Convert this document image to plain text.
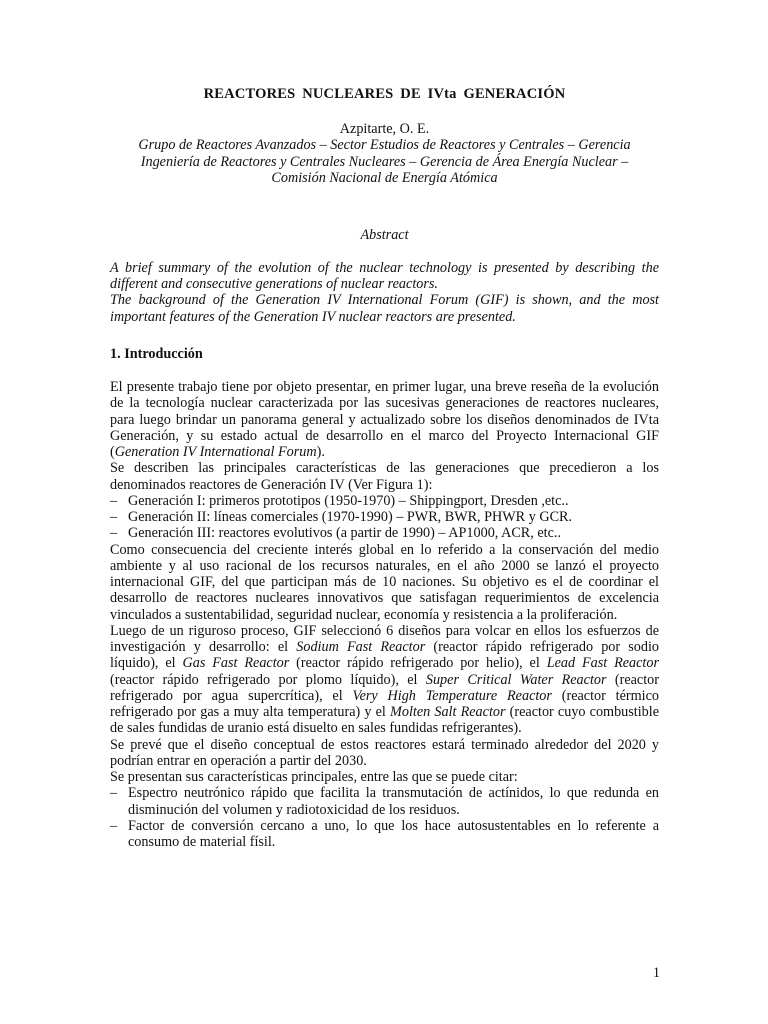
REACTORES NUCLEARES DE IVta GENERACIÓN
Azpitarte, O. E.
Grupo de Reactores Avanzados – Sector Estudios de Reactores y Centrales – Gerencia
Ingeniería de Reactores y Centrales Nucleares – Gerencia de Área Energía Nuclear –
Comisión Nacional de Energía Atómica
Abstract

A brief summary of the evolution of the nuclear technology is presented by describing the different and consecutive generations of nuclear reactors.

The background of the Generation IV International Forum (GIF) is shown, and the most important features of the Generation IV nuclear reactors are presented.

1. Introducción

El presente trabajo tiene por objeto presentar, en primer lugar, una breve reseña de la evolución de la tecnología nuclear caracterizada por las sucesivas generaciones de reactores nucleares, para luego brindar un panorama general y actualizado sobre los diseños denominados de IVta Generación, y su estado actual de desarrollo en el marco del Proyecto Internacional GIF (Generation IV International Forum).

Se describen las principales características de las generaciones que precedieron a los denominados reactores de Generación IV (Ver Figura 1):

– Generación I: primeros prototipos (1950-1970) – Shippingport, Dresden ,etc..
– Generación II: líneas comerciales (1970-1990) – PWR, BWR, PHWR y GCR.
– Generación III: reactores evolutivos (a partir de 1990) – AP1000, ACR, etc..

Como consecuencia del creciente interés global en lo referido a la conservación del medio ambiente y al uso racional de los recursos naturales, en el año 2000 se lanzó el proyecto internacional GIF, del que participan más de 10 naciones. Su objetivo es el de coordinar el desarrollo de reactores nucleares innovativos que satisfagan requerimientos de excelencia vinculados a sustentabilidad, seguridad nuclear, economía y resistencia a la proliferación.

Luego de un riguroso proceso, GIF seleccionó 6 diseños para volcar en ellos los esfuerzos de investigación y desarrollo: el Sodium Fast Reactor (reactor rápido refrigerado por sodio líquido), el Gas Fast Reactor (reactor rápido refrigerado por helio), el Lead Fast Reactor (reactor rápido refrigerado por plomo líquido), el Super Critical Water Reactor (reactor refrigerado por agua supercrítica), el Very High Temperature Reactor (reactor térmico refrigerado por gas a muy alta temperatura) y el Molten Salt Reactor (reactor cuyo combustible de sales fundidas de uranio está disuelto en sales fundidas refrigerantes).

Se prevé que el diseño conceptual de estos reactores estará terminado alrededor del 2020 y podrían entrar en operación a partir del 2030.

Se presentan sus características principales, entre las que se puede citar:

– Espectro neutrónico rápido que facilita la transmutación de actínidos, lo que redunda en disminución del volumen y radiotoxicidad de los residuos.
– Factor de conversión cercano a uno, lo que los hace autosustentables en lo referente a consumo de material físil.
1
